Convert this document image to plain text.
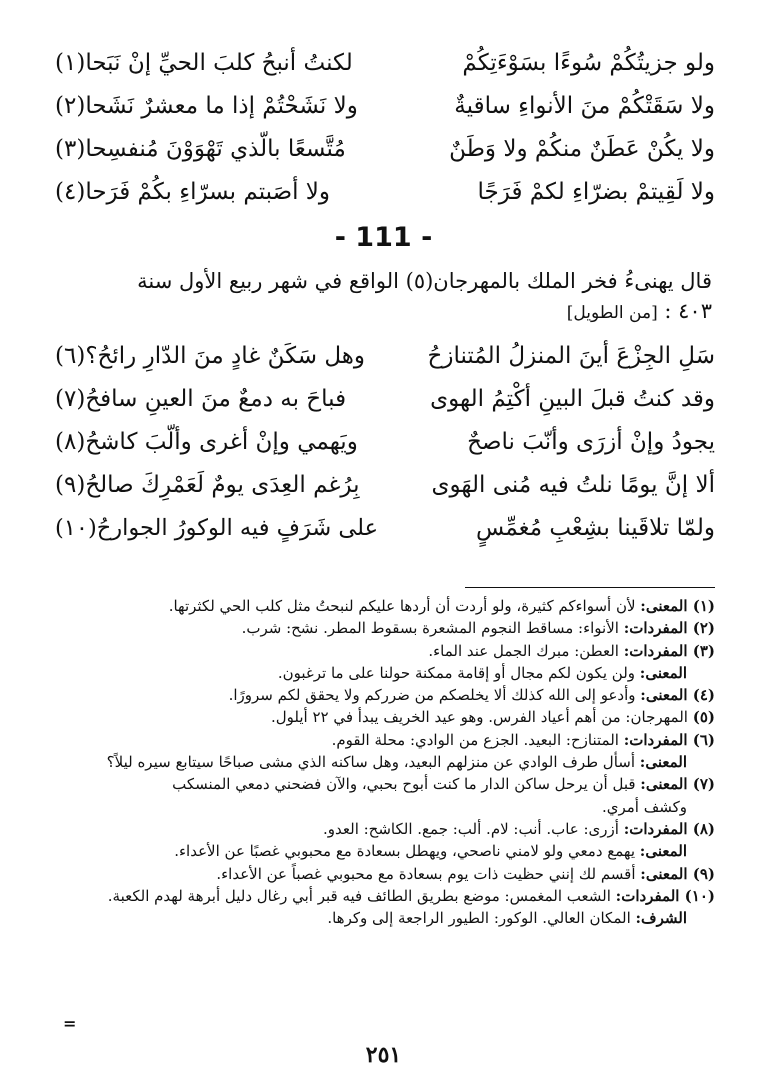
ولو جزيتُكُمْ سُوءًا بسَوْءَتِكُمْ
لكنتُ أنبحُ كلبَ الحيِّ إنْ نَبَحا(١)
ولا سَقَتْكُمْ منَ الأنواءِ ساقيةٌ
ولا نَشَحْتُمْ إذا ما معشرٌ نَشَحا(٢)
ولا يكُنْ عَطَنٌ منكُمْ ولا وَطَنٌ
مُتَّسعًا بالّذي تَهْوَوْنَ مُنفسِحا(٣)
ولا لَقِيتمْ بضرّاءِ لكمْ فَرَجًا
ولا أصَبتم بسرّاءِ بكُمْ فَرَحا(٤)
- 111 -
قال يهنىءُ فخر الملك بالمهرجان(٥) الواقع في شهر ربيع الأول سنة
٤٠٣ : [من الطويل]
سَلِ الجِزْعَ أينَ المنزلُ المُتنازحُ
وهل سَكَنٌ غادٍ منَ الدّارِ رائحُ؟(٦)
وقد كنتُ قبلَ البينِ أكْتِمُ الهوى
فباحَ به دمعٌ منَ العينِ سافحُ(٧)
يجودُ وإنْ أزرَى وأنّبَ ناصحٌ
ويَهمي وإنْ أغرى وألّبَ كاشحُ(٨)
ألا إنَّ يومًا نلتُ فيه مُنى الهَوى
بِرُغم العِدَى يومٌ لَعَمْرِكَ صالحُ(٩)
ولمّا تلاقَينا بشِعْبِ مُغمِّسٍ
على شَرَفٍ فيه الوكورُ الجوارحُ(١٠)
(١) المعنى: لأن أسواءكم كثيرة، ولو أردت أن أردها عليكم لنبحتُ مثل كلب الحي لكثرتها.
(٢) المفردات: الأنواء: مساقط النجوم المشعرة بسقوط المطر. نشح: شرب.
(٣) المفردات: العطن: مبرك الجمل عند الماء.
المعنى: ولن يكون لكم مجال أو إقامة ممكنة حولنا على ما ترغبون.
(٤) المعنى: وأدعو إلى الله كذلك ألا يخلصكم من ضرركم ولا يحقق لكم سرورًا.
(٥) المهرجان: من أهم أعياد الفرس. وهو عيد الخريف يبدأ في ٢٢ أيلول.
(٦) المفردات: المتنازح: البعيد. الجزع من الوادي: محلة القوم.
المعنى: أسأل طرف الوادي عن منزلهم البعيد، وهل ساكنه الذي مشى صباحًا سيتابع سيره ليلاً؟
(٧) المعنى: قبل أن يرحل ساكن الدار ما كنت أبوح بحبي، والآن فضحني دمعي المنسكب
وكشف أمري.
(٨) المفردات: أزرى: عاب. أنب: لام. ألب: جمع. الكاشح: العدو.
المعنى: يهمع دمعي ولو لامني ناصحي، ويهطل بسعادة مع محبوبي غصبًا عن الأعداء.
(٩) المعنى: أقسم لك إنني حظيت ذات يوم بسعادة مع محبوبي غصباً عن الأعداء.
(١٠) المفردات: الشعب المغمس: موضع بطريق الطائف فيه قبر أبي رغال دليل أبرهة لهدم الكعبة.
الشرف: المكان العالي. الوكور: الطيور الراجعة إلى وكرها.
=
٢٥١
